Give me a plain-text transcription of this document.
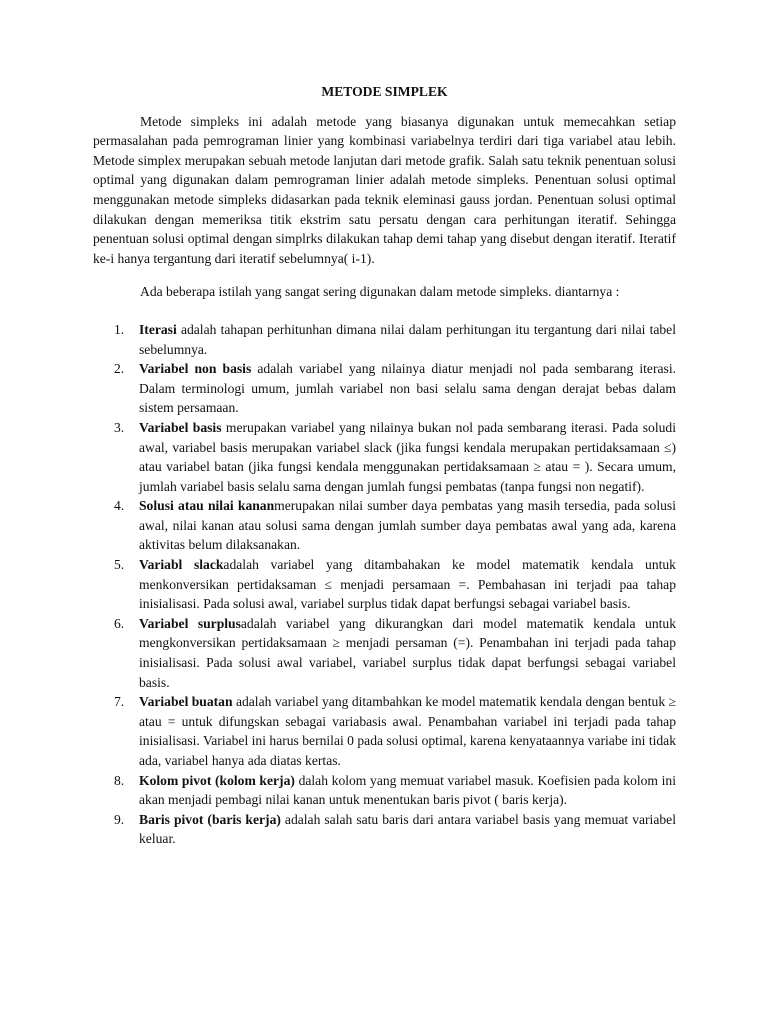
METODE SIMPLEK

Metode simpleks ini adalah metode yang biasanya digunakan untuk memecahkan setiap permasalahan pada pemrograman linier yang kombinasi variabelnya terdiri dari tiga variabel atau lebih. Metode simplex merupakan sebuah metode lanjutan dari metode grafik. Salah satu teknik penentuan solusi optimal yang digunakan dalam pemrograman linier adalah metode simpleks. Penentuan solusi optimal menggunakan metode simpleks didasarkan pada teknik eleminasi gauss jordan. Penentuan solusi optimal dilakukan dengan memeriksa titik ekstrim satu persatu dengan cara perhitungan iteratif. Sehingga penentuan solusi optimal dengan simplrks dilakukan tahap demi tahap yang disebut dengan iteratif. Iteratif ke-i hanya tergantung dari iteratif sebelumnya( i-1).

Ada beberapa istilah yang sangat sering digunakan dalam metode simpleks. diantarnya :

1. Iterasi adalah tahapan perhitunhan dimana nilai dalam perhitungan itu tergantung dari nilai tabel sebelumnya.
2. Variabel non basis adalah variabel yang nilainya diatur menjadi nol pada sembarang iterasi. Dalam terminologi umum, jumlah variabel non basi selalu sama dengan derajat bebas dalam sistem persamaan.
3. Variabel basis merupakan variabel yang nilainya bukan nol pada sembarang iterasi. Pada soludi awal, variabel basis merupakan variabel slack (jika fungsi kendala merupakan pertidaksamaan ≤) atau variabel batan (jika fungsi kendala menggunakan pertidaksamaan ≥ atau = ). Secara umum, jumlah variabel basis selalu sama dengan jumlah fungsi pembatas (tanpa fungsi non negatif).
4. Solusi atau nilai kananmerupakan nilai sumber daya pembatas yang masih tersedia, pada solusi awal, nilai kanan atau solusi sama dengan jumlah sumber daya pembatas awal yang ada, karena aktivitas belum dilaksanakan.
5. Variabl slackadalah variabel yang ditambahakan ke model matematik kendala untuk menkonversikan pertidaksaman ≤ menjadi persamaan =. Pembahasan ini terjadi paa tahap inisialisasi. Pada solusi awal, variabel surplus tidak dapat berfungsi sebagai variabel basis.
6. Variabel surplusadalah variabel yang dikurangkan dari model matematik kendala untuk mengkonversikan pertidaksamaan ≥ menjadi persaman (=). Penambahan ini terjadi pada tahap inisialisasi. Pada solusi awal variabel, variabel surplus tidak dapat berfungsi sebagai variabel basis.
7. Variabel buatan adalah variabel yang ditambahkan ke model matematik kendala dengan bentuk ≥ atau = untuk difungskan sebagai variabasis awal. Penambahan variabel ini terjadi pada tahap inisialisasi. Variabel ini harus bernilai 0 pada solusi optimal, karena kenyataannya variabe ini tidak ada, variabel hanya ada diatas kertas.
8. Kolom pivot (kolom kerja) dalah kolom yang memuat variabel masuk. Koefisien pada kolom ini akan menjadi pembagi nilai kanan untuk menentukan baris pivot ( baris kerja).
9. Baris pivot (baris kerja) adalah salah satu baris dari antara variabel basis yang memuat variabel keluar.
